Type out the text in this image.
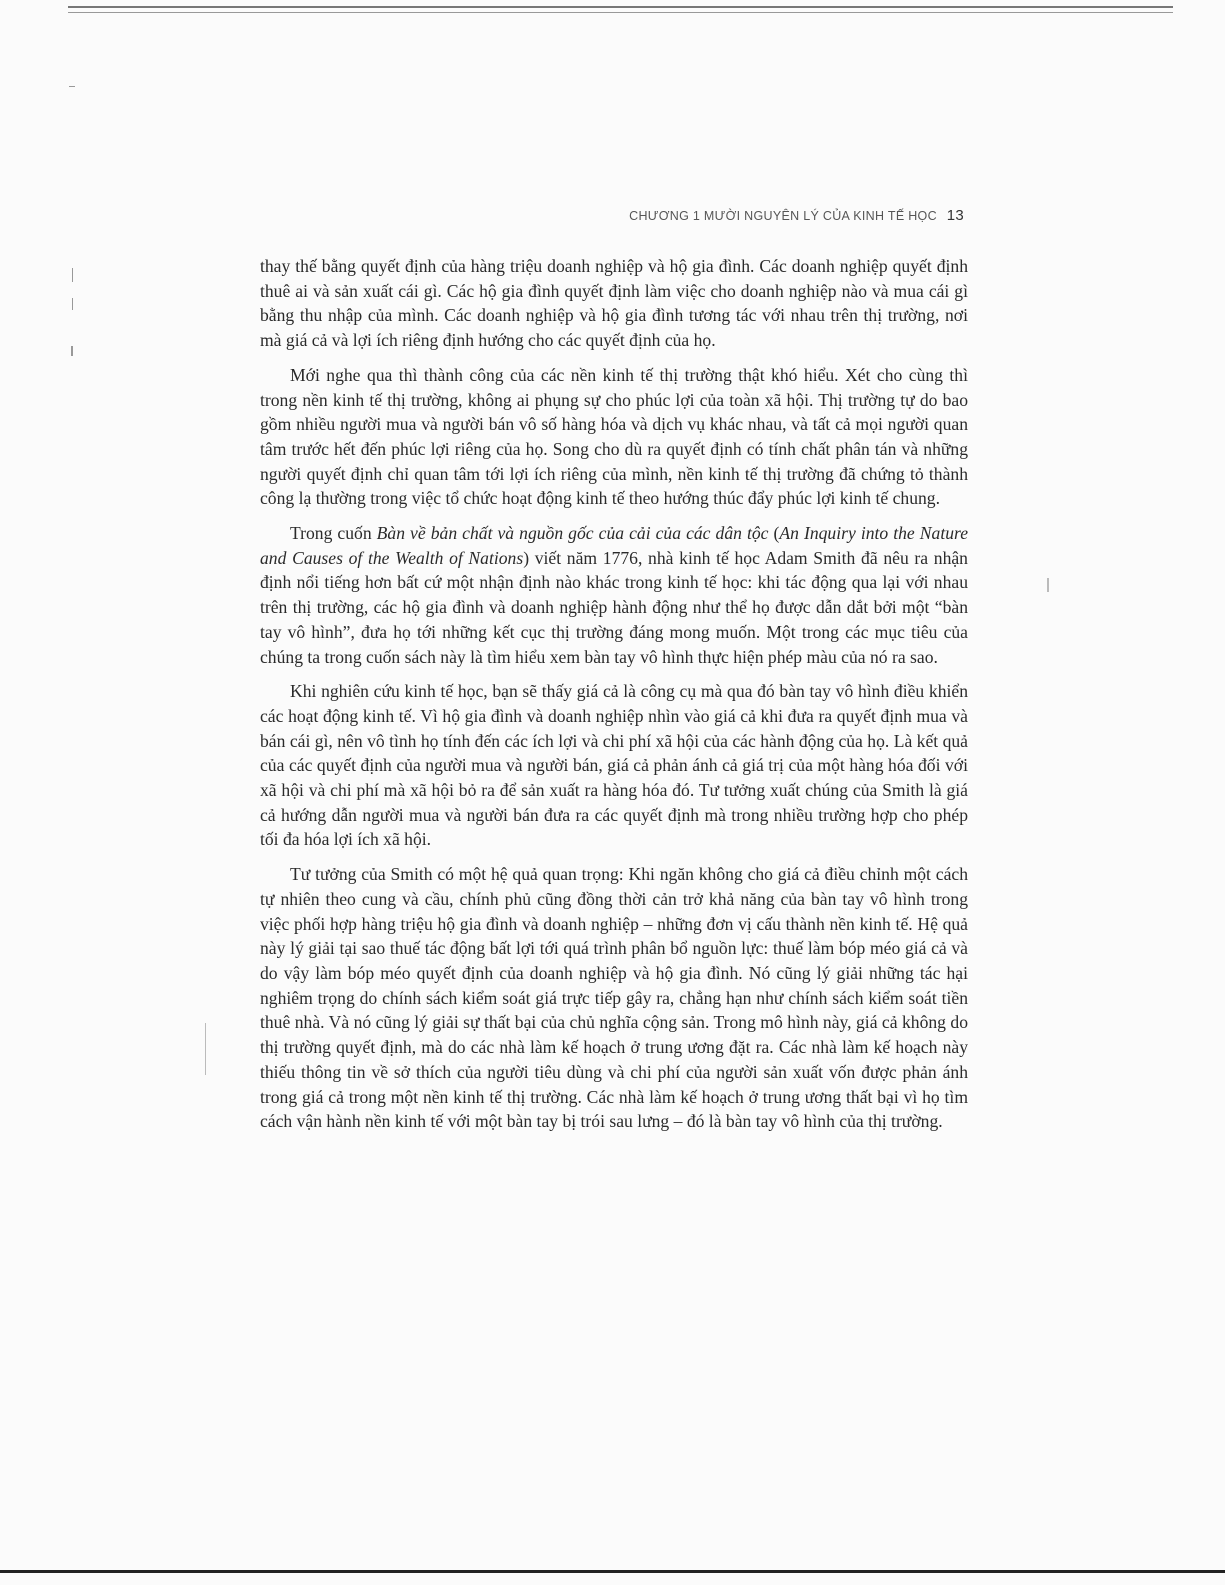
CHƯƠNG 1 MƯỜI NGUYÊN LÝ CỦA KINH TẾ HỌC 13

thay thế bằng quyết định của hàng triệu doanh nghiệp và hộ gia đình. Các doanh nghiệp quyết định thuê ai và sản xuất cái gì. Các hộ gia đình quyết định làm việc cho doanh nghiệp nào và mua cái gì bằng thu nhập của mình. Các doanh nghiệp và hộ gia đình tương tác với nhau trên thị trường, nơi mà giá cả và lợi ích riêng định hướng cho các quyết định của họ.

Mới nghe qua thì thành công của các nền kinh tế thị trường thật khó hiểu. Xét cho cùng thì trong nền kinh tế thị trường, không ai phụng sự cho phúc lợi của toàn xã hội. Thị trường tự do bao gồm nhiều người mua và người bán vô số hàng hóa và dịch vụ khác nhau, và tất cả mọi người quan tâm trước hết đến phúc lợi riêng của họ. Song cho dù ra quyết định có tính chất phân tán và những người quyết định chỉ quan tâm tới lợi ích riêng của mình, nền kinh tế thị trường đã chứng tỏ thành công lạ thường trong việc tổ chức hoạt động kinh tế theo hướng thúc đẩy phúc lợi kinh tế chung.

Trong cuốn Bàn về bản chất và nguồn gốc của cải của các dân tộc (An Inquiry into the Nature and Causes of the Wealth of Nations) viết năm 1776, nhà kinh tế học Adam Smith đã nêu ra nhận định nổi tiếng hơn bất cứ một nhận định nào khác trong kinh tế học: khi tác động qua lại với nhau trên thị trường, các hộ gia đình và doanh nghiệp hành động như thể họ được dẫn dắt bởi một “bàn tay vô hình”, đưa họ tới những kết cục thị trường đáng mong muốn. Một trong các mục tiêu của chúng ta trong cuốn sách này là tìm hiểu xem bàn tay vô hình thực hiện phép màu của nó ra sao.

Khi nghiên cứu kinh tế học, bạn sẽ thấy giá cả là công cụ mà qua đó bàn tay vô hình điều khiển các hoạt động kinh tế. Vì hộ gia đình và doanh nghiệp nhìn vào giá cả khi đưa ra quyết định mua và bán cái gì, nên vô tình họ tính đến các ích lợi và chi phí xã hội của các hành động của họ. Là kết quả của các quyết định của người mua và người bán, giá cả phản ánh cả giá trị của một hàng hóa đối với xã hội và chi phí mà xã hội bỏ ra để sản xuất ra hàng hóa đó. Tư tưởng xuất chúng của Smith là giá cả hướng dẫn người mua và người bán đưa ra các quyết định mà trong nhiều trường hợp cho phép tối đa hóa lợi ích xã hội.

Tư tưởng của Smith có một hệ quả quan trọng: Khi ngăn không cho giá cả điều chỉnh một cách tự nhiên theo cung và cầu, chính phủ cũng đồng thời cản trở khả năng của bàn tay vô hình trong việc phối hợp hàng triệu hộ gia đình và doanh nghiệp – những đơn vị cấu thành nền kinh tế. Hệ quả này lý giải tại sao thuế tác động bất lợi tới quá trình phân bổ nguồn lực: thuế làm bóp méo giá cả và do vậy làm bóp méo quyết định của doanh nghiệp và hộ gia đình. Nó cũng lý giải những tác hại nghiêm trọng do chính sách kiểm soát giá trực tiếp gây ra, chẳng hạn như chính sách kiểm soát tiền thuê nhà. Và nó cũng lý giải sự thất bại của chủ nghĩa cộng sản. Trong mô hình này, giá cả không do thị trường quyết định, mà do các nhà làm kế hoạch ở trung ương đặt ra. Các nhà làm kế hoạch này thiếu thông tin về sở thích của người tiêu dùng và chi phí của người sản xuất vốn được phản ánh trong giá cả trong một nền kinh tế thị trường. Các nhà làm kế hoạch ở trung ương thất bại vì họ tìm cách vận hành nền kinh tế với một bàn tay bị trói sau lưng – đó là bàn tay vô hình của thị trường.
